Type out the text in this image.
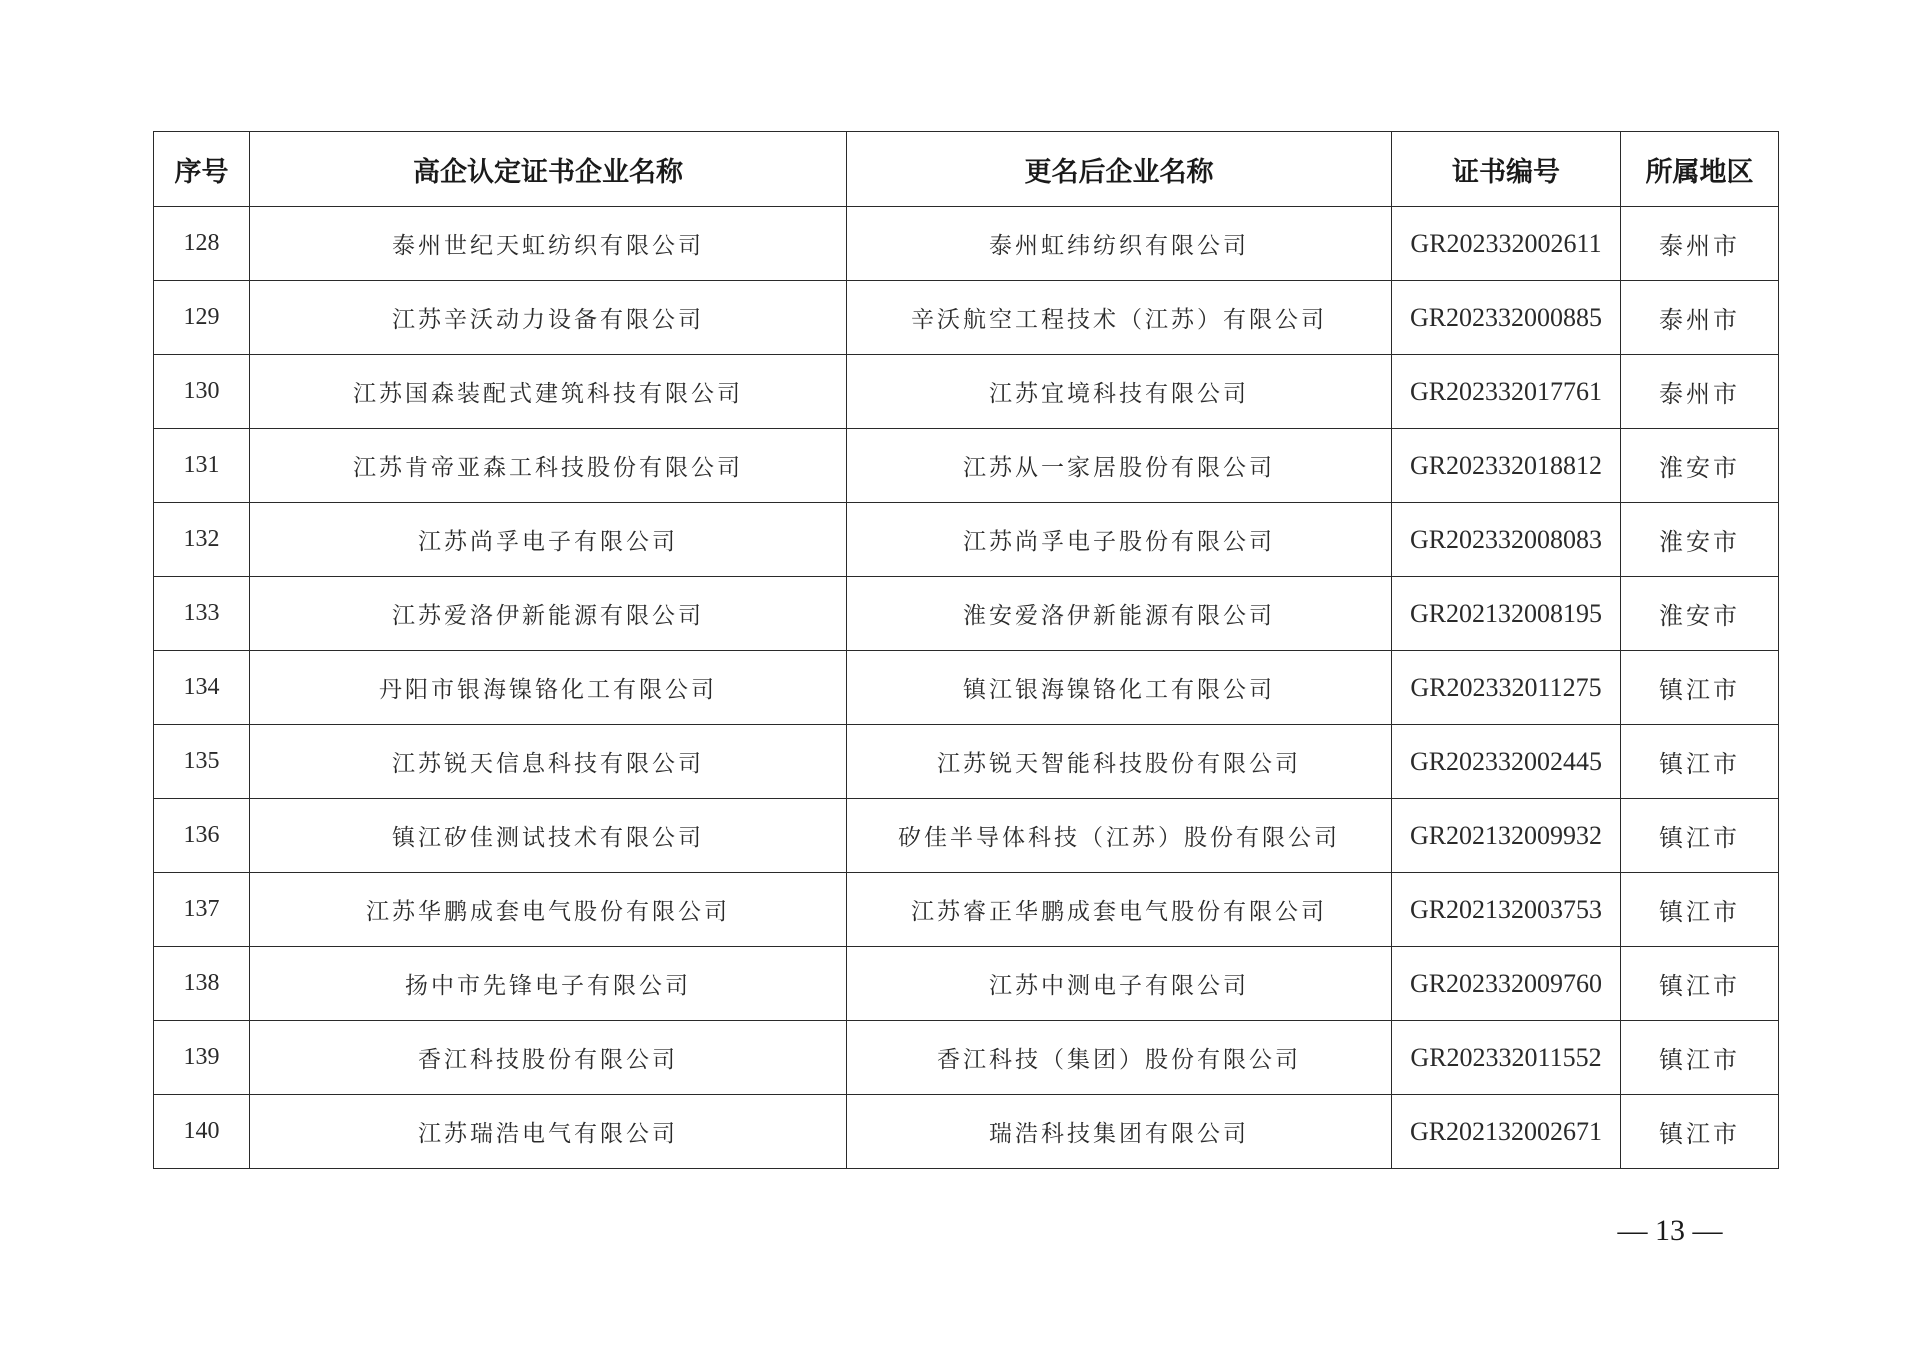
序号	高企认定证书企业名称	更名后企业名称	证书编号	所属地区
128	泰州世纪天虹纺织有限公司	泰州虹纬纺织有限公司	GR202332002611	泰州市
129	江苏辛沃动力设备有限公司	辛沃航空工程技术（江苏）有限公司	GR202332000885	泰州市
130	江苏国森装配式建筑科技有限公司	江苏宜境科技有限公司	GR202332017761	泰州市
131	江苏肯帝亚森工科技股份有限公司	江苏从一家居股份有限公司	GR202332018812	淮安市
132	江苏尚孚电子有限公司	江苏尚孚电子股份有限公司	GR202332008083	淮安市
133	江苏爱洛伊新能源有限公司	淮安爱洛伊新能源有限公司	GR202132008195	淮安市
134	丹阳市银海镍铬化工有限公司	镇江银海镍铬化工有限公司	GR202332011275	镇江市
135	江苏锐天信息科技有限公司	江苏锐天智能科技股份有限公司	GR202332002445	镇江市
136	镇江矽佳测试技术有限公司	矽佳半导体科技（江苏）股份有限公司	GR202132009932	镇江市
137	江苏华鹏成套电气股份有限公司	江苏睿正华鹏成套电气股份有限公司	GR202132003753	镇江市
138	扬中市先锋电子有限公司	江苏中测电子有限公司	GR202332009760	镇江市
139	香江科技股份有限公司	香江科技（集团）股份有限公司	GR202332011552	镇江市
140	江苏瑞浩电气有限公司	瑞浩科技集团有限公司	GR202132002671	镇江市
— 13 —
